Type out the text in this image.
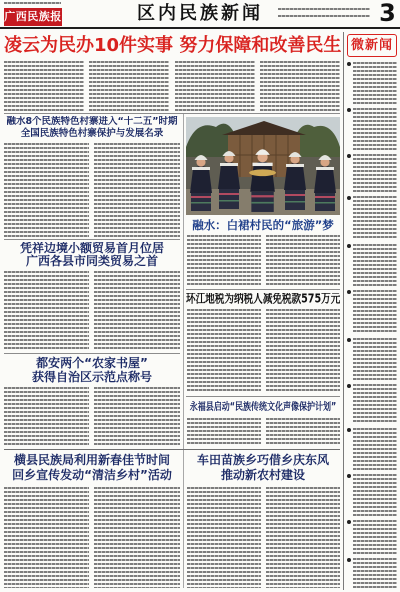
广西民族报	区内民族新闻	3
凌云为民办10件实事 努力保障和改善民生
融水8个民族特色村寨进入“十二五”时期
全国民族特色村寨保护与发展名录
凭祥边境小额贸易首月位居
广西各县市同类贸易之首
都安两个“农家书屋”
获得自治区示范点称号
横县民族局利用新春佳节时间
回乡宣传发动“清洁乡村”活动
融水：白裙村民的“旅游”梦
环江地税为纳税人减免税款575万元
永福县启动“民族传统文化声像保护计划”
车田苗族乡巧借乡庆东风
推动新农村建设
微新闻
